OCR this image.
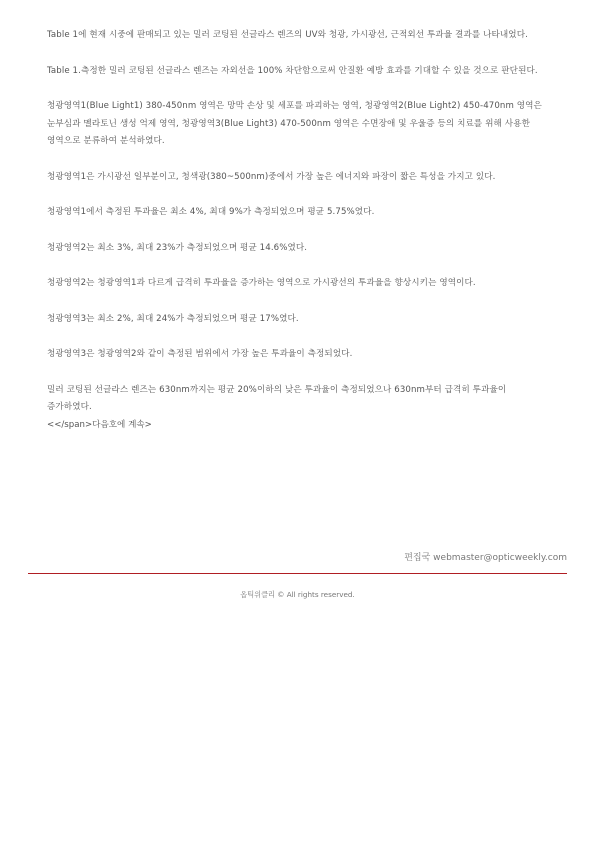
Table 1에 현재 시중에 판매되고 있는 밀러 코팅된 선글라스 렌즈의 UV와 청광, 가시광선, 근적외선 투과율 결과를 나타내었다.

Table 1.측정한 밀러 코팅된 선글라스 렌즈는 자외선을 100% 차단함으로써 안질환 예방 효과를 기대할 수 있을 것으로 판단된다.

청광영역1(Blue Light1) 380-450nm 영역은 망막 손상 및 세포를 파괴하는 영역, 청광영역2(Blue Light2) 450-470nm 영역은 눈부심과 멜라토닌 생성 억제 영역, 청광영역3(Blue Light3) 470-500nm 영역은 수면장애 및 우울증 등의 치료를 위해 사용한 영역으로 분류하여 분석하였다.

청광영역1은 가시광선 일부분이고, 청색광(380~500nm)중에서 가장 높은 에너지와 파장이 짧은 특성을 가지고 있다.

청광영역1에서 측정된 투과율은 최소 4%, 최대 9%가 측정되었으며 평균 5.75%였다.

청광영역2는 최소 3%, 최대 23%가 측정되었으며 평균 14.6%였다.

청광영역2는 청광영역1과 다르게 급격히 투과율을 증가하는 영역으로 가시광선의 투과율을 향상시키는 영역이다.

청광영역3는 최소 2%, 최대 24%가 측정되었으며 평균 17%였다.

청광영역3은 청광영역2와 같이 측정된 범위에서 가장 높은 투과율이 측정되었다.

밀러 코팅된 선글라스 렌즈는 630nm까지는 평균 20%이하의 낮은 투과율이 측정되었으나 630nm부터 급격히 투과율이 증가하였다.

<</span>다음호에 계속>

편집국 webmaster@opticweekly.com
옵틱위클리 © All rights reserved.
